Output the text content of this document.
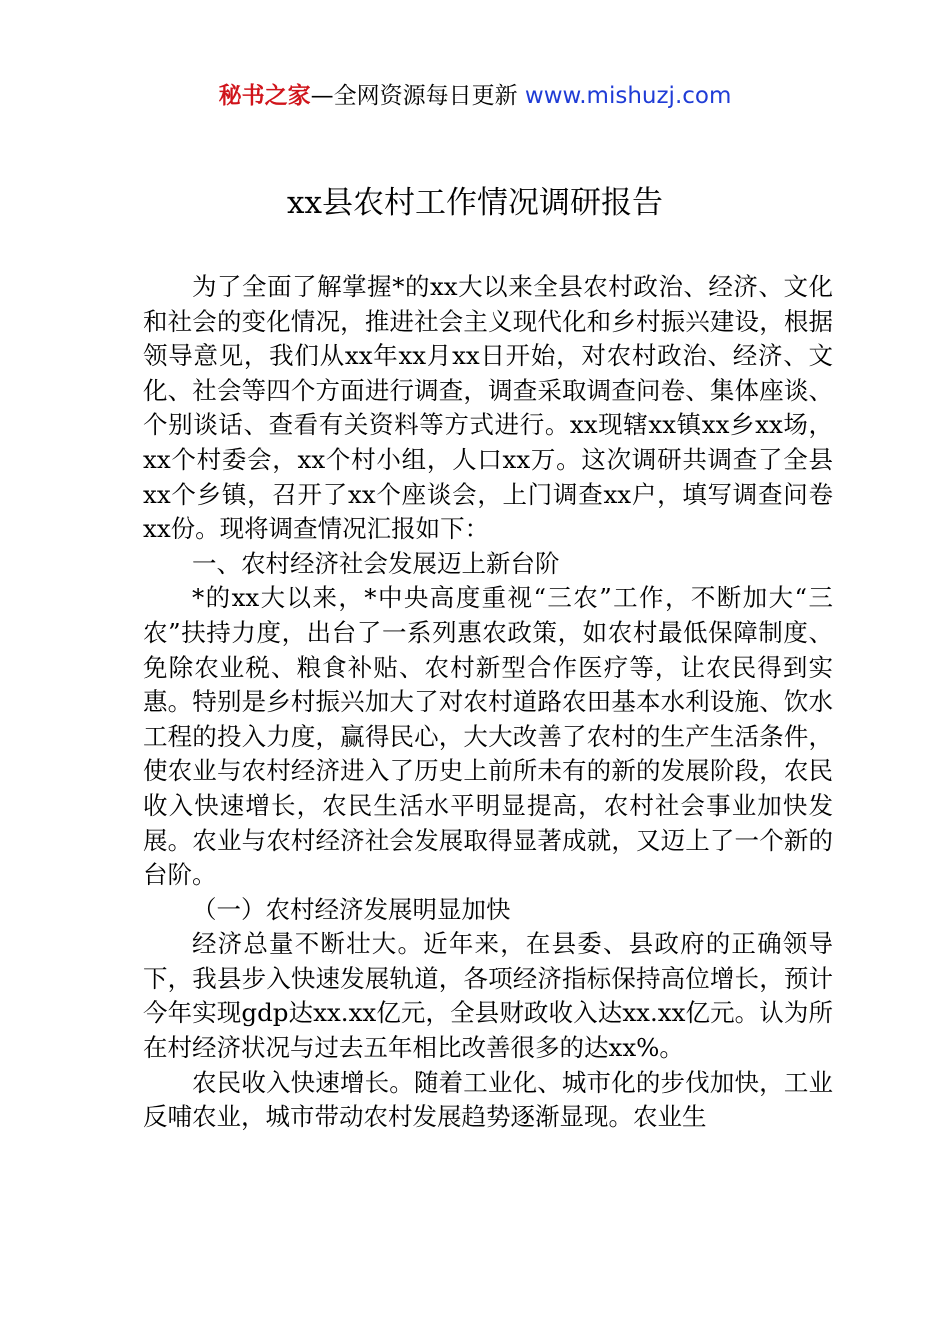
秘书之家—全网资源每日更新 www.mishuzj.com
xx县农村工作情况调研报告

为了全面了解掌握*的xx大以来全县农村政治、经济、文化和社会的变化情况，推进社会主义现代化和乡村振兴建设，根据领导意见，我们从xx年xx月xx日开始，对农村政治、经济、文化、社会等四个方面进行调查，调查采取调查问卷、集体座谈、个别谈话、查看有关资料等方式进行。xx现辖xx镇xx乡xx场，xx个村委会，xx个村小组，人口xx万。这次调研共调查了全县xx个乡镇，召开了xx个座谈会，上门调查xx户，填写调查问卷xx份。现将调查情况汇报如下：

一、农村经济社会发展迈上新台阶

*的xx大以来，*中央高度重视“三农”工作，不断加大“三农”扶持力度，出台了一系列惠农政策，如农村最低保障制度、免除农业税、粮食补贴、农村新型合作医疗等，让农民得到实惠。特别是乡村振兴加大了对农村道路农田基本水利设施、饮水工程的投入力度，赢得民心，大大改善了农村的生产生活条件，使农业与农村经济进入了历史上前所未有的新的发展阶段，农民收入快速增长，农民生活水平明显提高，农村社会事业加快发展。农业与农村经济社会发展取得显著成就，又迈上了一个新的台阶。

（一）农村经济发展明显加快

经济总量不断壮大。近年来，在县委、县政府的正确领导下，我县步入快速发展轨道，各项经济指标保持高位增长，预计今年实现gdp达xx.xx亿元，全县财政收入达xx.xx亿元。认为所在村经济状况与过去五年相比改善很多的达xx%。

农民收入快速增长。随着工业化、城市化的步伐加快，工业反哺农业，城市带动农村发展趋势逐渐显现。农业生
